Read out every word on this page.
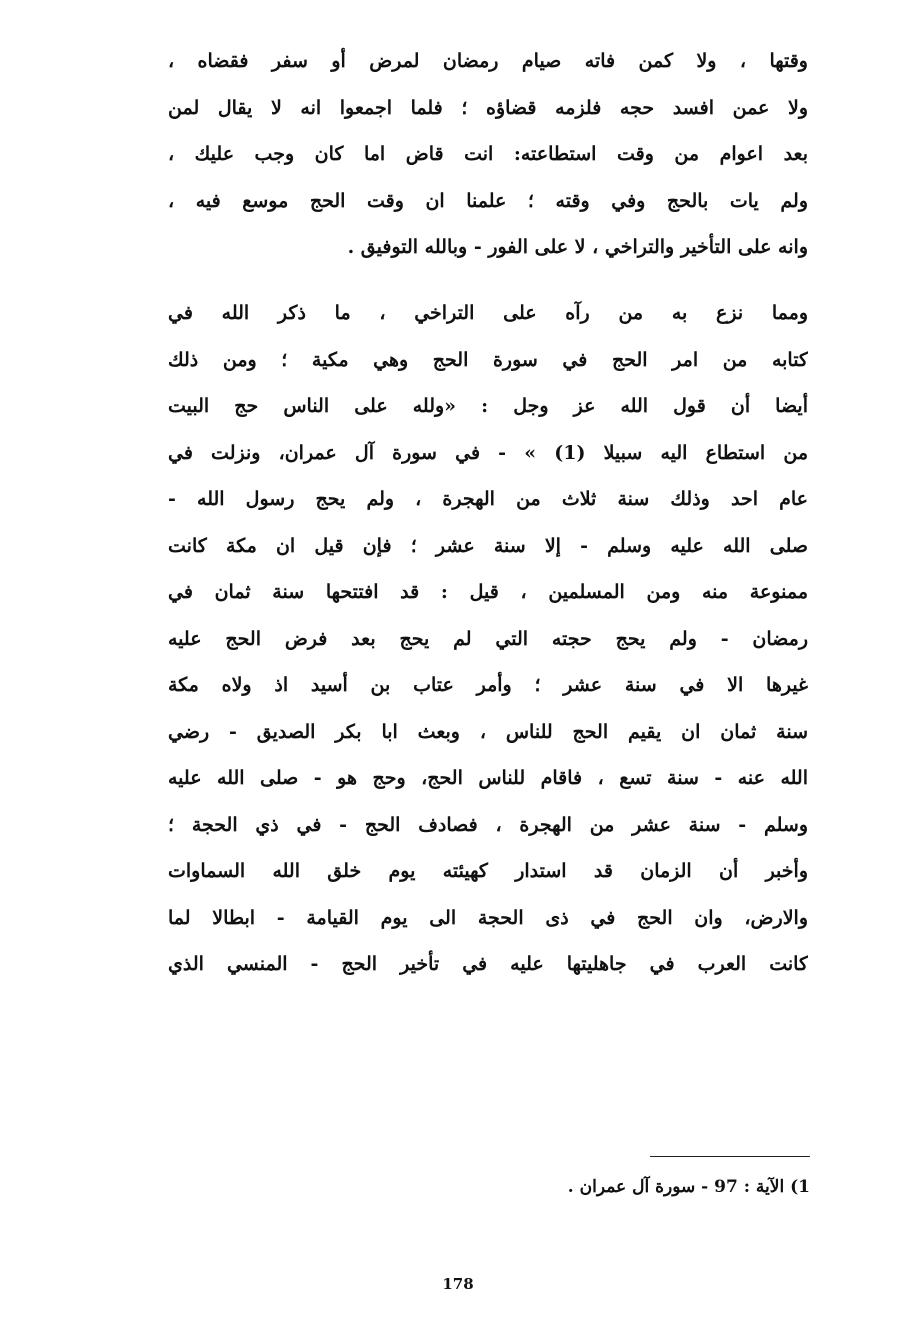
وقتها ، ولا كمن فاته صيام رمضان لمرض أو سفر فقضاه ،
ولا عمن افسد حجه فلزمه قضاؤه ؛ فلما اجمعوا انه لا يقال لمن
بعد اعوام من وقت استطاعته: انت قاض اما كان وجب عليك ،
ولم يات بالحج وفي وقته ؛ علمنا ان وقت الحج موسع فيه ،
وانه على التأخير والتراخي ، لا على الفور - وبالله التوفيق .
ومما نزع به من رآه على التراخي ، ما ذكر الله في
كتابه من امر الحج في سورة الحج وهي مكية ؛ ومن ذلك
أيضا أن قول الله عز وجل : «ولله على الناس حج البيت
من استطاع اليه سبيلا (1) » - في سورة آل عمران، ونزلت في
عام احد وذلك سنة ثلاث من الهجرة ، ولم يحج رسول الله -
صلى الله عليه وسلم - إلا سنة عشر ؛ فإن قيل ان مكة كانت
ممنوعة منه ومن المسلمين ، قيل : قد افتتحها سنة ثمان في
رمضان - ولم يحج حجته التي لم يحج بعد فرض الحج عليه
غيرها الا في سنة عشر ؛ وأمر عتاب بن أسيد اذ ولاه مكة
سنة ثمان ان يقيم الحج للناس ، وبعث ابا بكر الصديق - رضي
الله عنه - سنة تسع ، فاقام للناس الحج، وحج هو - صلى الله عليه
وسلم - سنة عشر من الهجرة ، فصادف الحج - في ذي الحجة ؛
وأخبر أن الزمان قد استدار كهيئته يوم خلق الله السماوات
والارض، وان الحج في ذى الحجة الى يوم القيامة - ابطالا لما
كانت العرب في جاهليتها عليه في تأخير الحج - المنسي الذي
1) الآية : 97 - سورة آل عمران .
178
